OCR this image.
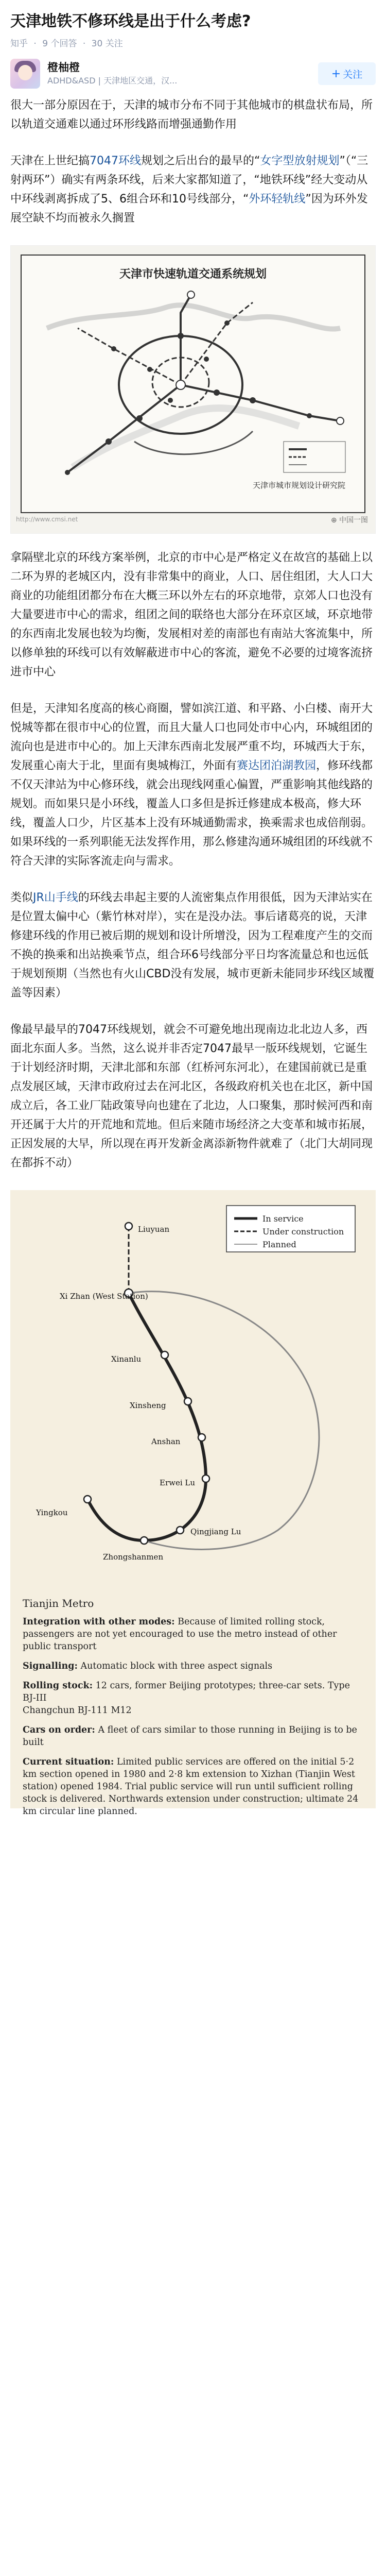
天津地铁不修环线是出于什么考虑?
知乎 · 9 个回答 · 30 关注
橙柚橙
ADHD&ASD | 天津地区交通，汉...
+ 关注

很大一部分原因在于，天津的城市分布不同于其他城市的棋盘状布局，所以轨道交通难以通过环形线路而增强通勤作用

天津在上世纪搞7047环线规划之后出台的最早的“女字型放射规划”（“三射两环”）确实有两条环线，后来大家都知道了，“地铁环线”经大变动从中环线剥离拆成了5、6组合环和10号线部分，“外环轻轨线”因为环外发展空缺不均而被永久搁置

天津市快速轨道交通系统规划
天津市城市规划设计研究院
http://www.cmsi.net	⊕ 中国一图

拿隔壁北京的环线方案举例，北京的市中心是严格定义在故宫的基础上以二环为界的老城区内，没有非常集中的商业，人口、居住组团，大人口大商业的功能组团都分布在大概三环以外左右的环京地带，京郊人口也没有大量要进市中心的需求，组团之间的联络也大部分在环京区域，环京地带的东西南北发展也较为均衡，发展相对差的南部也有南站大客流集中，所以修单独的环线可以有效解蔽进市中心的客流，避免不必要的过境客流挤进市中心

但是，天津知名度高的核心商圈，譬如滨江道、和平路、小白楼、南开大悦城等都在很市中心的位置，而且大量人口也同处市中心内，环城组团的流向也是进市中心的。加上天津东西南北发展严重不均，环城西大于东，发展重心南大于北，里面有奥城梅江，外面有赛达团泊湖教园，修环线都不仅天津站为中心修环线，就会出现线网重心偏置，严重影响其他线路的规划。而如果只是小环线，覆盖人口多但是拆迁修建成本极高，修大环线，覆盖人口少，片区基本上没有环城通勤需求，换乘需求也成倍削弱。如果环线的一系列职能无法发挥作用，那么修建沟通环城组团的环线就不符合天津的实际客流走向与需求。

类似JR山手线的环线去串起主要的人流密集点作用很低，因为天津站实在是位置太偏中心（紫竹林对岸），实在是没办法。事后诸葛亮的说，天津修建环线的作用已被后期的规划和设计所增没，因为工程难度产生的交而不换的换乘和出站换乘节点，组合环6号线部分平日均客流量总和也远低于规划预期（当然也有火山CBD没有发展，城市更新未能同步环线区域覆盖等因素）

像最早最早的7047环线规划，就会不可避免地出现南边北北边人多，西面北东面人多。当然，这么说并非否定7047最早一版环线规划，它诞生于计划经济时期，天津北部和东部（红桥河东河北），在建国前就已是重点发展区域，天津市政府过去在河北区，各级政府机关也在北区，新中国成立后，各工业厂陆政策导向也建在了北边，人口聚集，那时候河西和南开还属于大片的开荒地和荒地。但后来随市场经济之大变革和城市拓展，正因发展的大早，所以现在再开发新金离添新物件就难了（北门大胡同现在都拆不动）

In service
Under construction
Planned
Liuyuan
Xi Zhan (West Station)
Xinanlu
Xinsheng
Anshan
Erwei Lu
Qingjiang Lu
Zhongshanmen
Yingkou
Tianjin Metro

Integration with other modes: Because of limited rolling stock, passengers are not yet encouraged to use the metro instead of other public transport

Signalling: Automatic block with three aspect signals

Rolling stock: 12 cars, former Beijing prototypes; three-car sets. Type BJ-III
Changchun BJ-111 M12

Cars on order: A fleet of cars similar to those running in Beijing is to be built

Current situation: Limited public services are offered on the initial 5·2 km section opened in 1980 and 2·8 km extension to Xizhan (Tianjin West station) opened 1984. Trial public service will run until sufficient rolling stock is delivered. Northwards extension under construction; ultimate 24 km circular line planned.
